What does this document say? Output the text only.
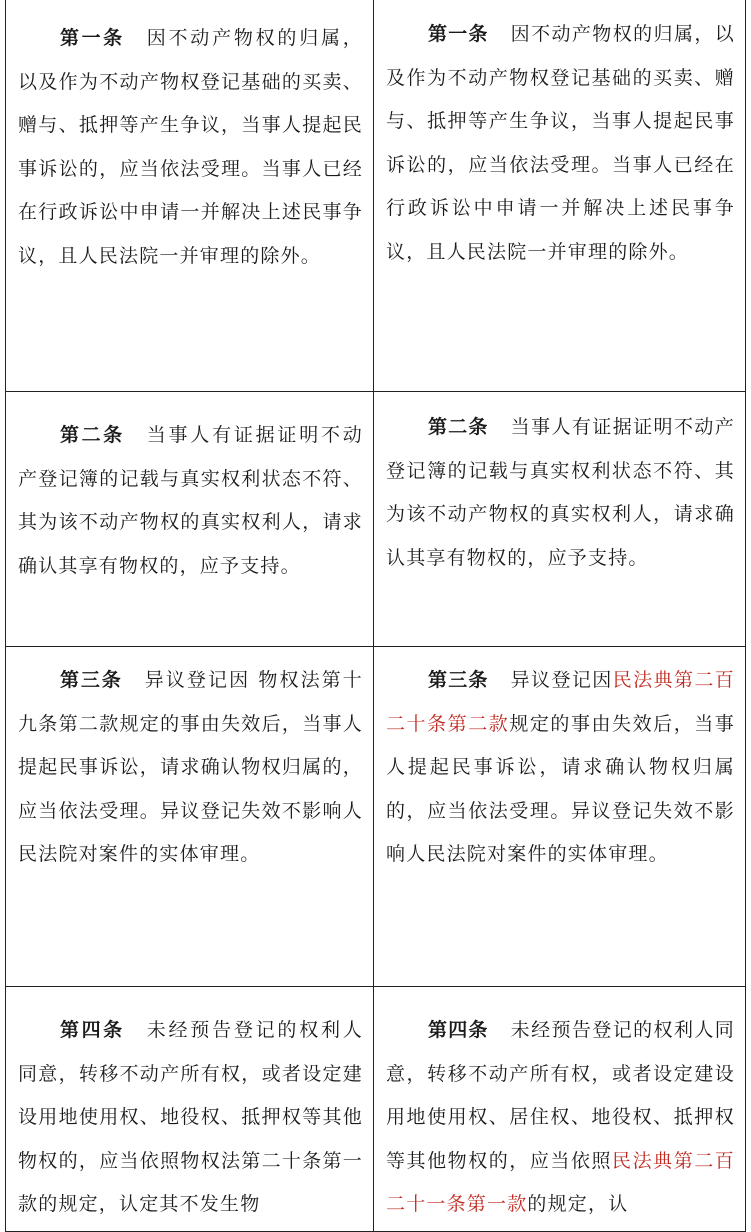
第一条 因不动产物权的归属，以及作为不动产物权登记基础的买卖、赠与、抵押等产生争议，当事人提起民事诉讼的，应当依法受理。当事人已经在行政诉讼中申请一并解决上述民事争议，且人民法院一并审理的除外。	第一条 因不动产物权的归属，以及作为不动产物权登记基础的买卖、赠与、抵押等产生争议，当事人提起民事诉讼的，应当依法受理。当事人已经在行政诉讼中申请一并解决上述民事争议，且人民法院一并审理的除外。
第二条 当事人有证据证明不动产登记簿的记载与真实权利状态不符、其为该不动产物权的真实权利人，请求确认其享有物权的，应予支持。	第二条 当事人有证据证明不动产登记簿的记载与真实权利状态不符、其为该不动产物权的真实权利人，请求确认其享有物权的，应予支持。
第三条 异议登记因 物权法第十九条第二款规定的事由失效后，当事人提起民事诉讼，请求确认物权归属的，应当依法受理。异议登记失效不影响人民法院对案件的实体审理。	第三条 异议登记因民法典第二百二十条第二款规定的事由失效后，当事人提起民事诉讼，请求确认物权归属的，应当依法受理。异议登记失效不影响人民法院对案件的实体审理。
第四条 未经预告登记的权利人同意，转移不动产所有权，或者设定建设用地使用权、地役权、抵押权等其他物权的，应当依照物权法第二十条第一款的规定，认定其不发生物	第四条 未经预告登记的权利人同意，转移不动产所有权，或者设定建设用地使用权、居住权、地役权、抵押权等其他物权的，应当依照民法典第二百二十一条第一款的规定，认
